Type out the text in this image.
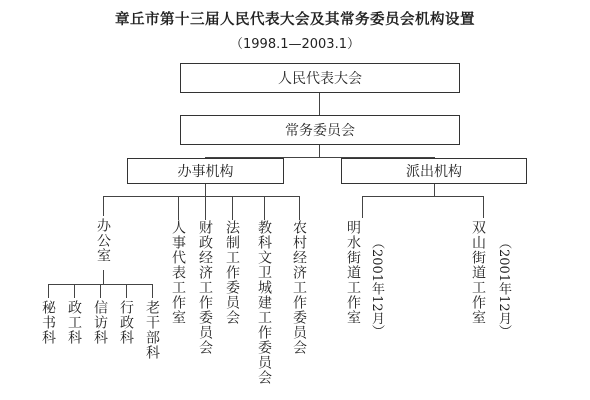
章丘市第十三届人民代表大会及其常务委员会机构设置
（1998.1—2003.1）
人民代表大会
常务委员会
办事机构	派出机构
办公室
秘书科 政工科 信访科 行政科 老干部科
人事代表工作室 财政经济工作委员会 法制工作委员会 教科文卫城建工作委员会 农村经济工作委员会	明水街道工作室 （2001年12月）	双山街道工作室 （2001年12月）
